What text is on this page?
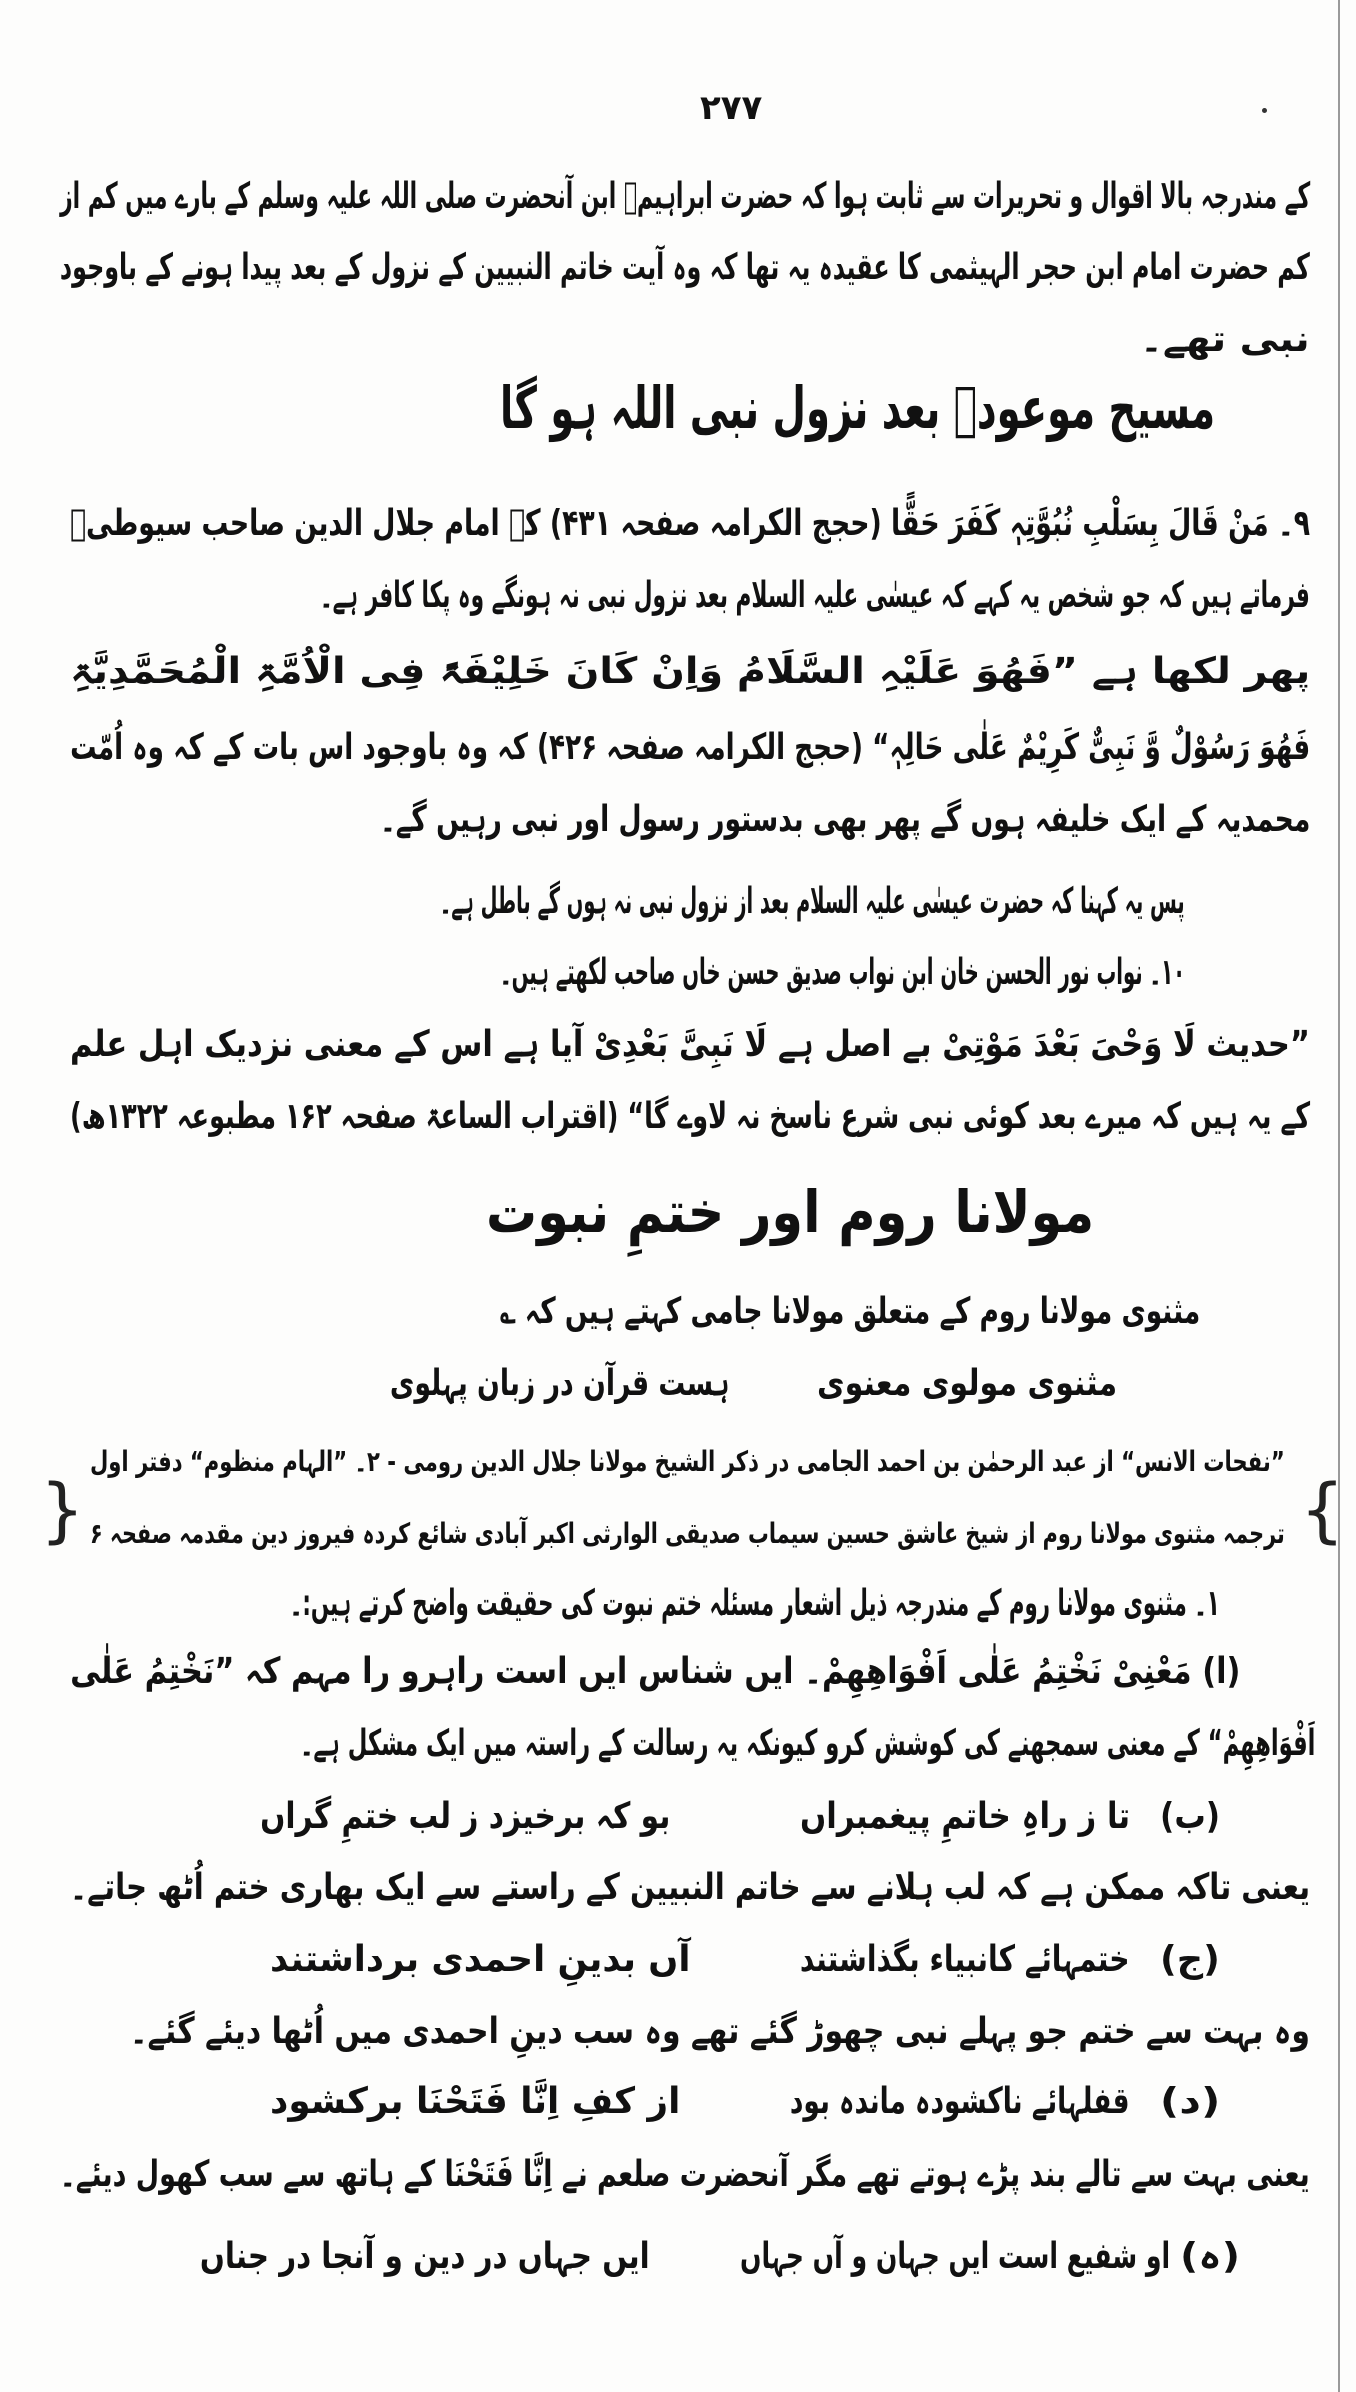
۲۷۷
کے مندرجہ بالا اقوال و تحریرات سے ثابت ہوا کہ حضرت ابراہیمؑ ابن آنحضرت صلی اللہ علیہ وسلم کے بارے میں کم از
کم حضرت امام ابن حجر الہیثمی کا عقیدہ یہ تھا کہ وہ آیت خاتم النبیین کے نزول کے بعد پیدا ہونے کے باوجود
نبی تھے۔
مسیح موعودؑ بعد نزول نبی اللہ ہو گا
۹۔ مَنْ قَالَ بِسَلْبِ نُبُوَّتِہٖ کَفَرَ حَقًّا (حجج الکرامہ صفحہ ۴۳۱) کہ امام جلال الدین صاحب سیوطیؒ
فرماتے ہیں کہ جو شخص یہ کہے کہ عیسٰی علیہ السلام بعد نزول نبی نہ ہونگے وہ پکا کافر ہے۔
پھر لکھا ہے ”فَھُوَ عَلَیْہِ السَّلَامُ وَاِنْ کَانَ خَلِیْفَۃً فِی الْاُمَّۃِ الْمُحَمَّدِیَّۃِ
فَھُوَ رَسُوْلٌ وَّ نَبِیٌّ کَرِیْمٌ عَلٰی حَالِہٖ“ (حجج الکرامہ صفحہ ۴۲۶) کہ وہ باوجود اس بات کے کہ وہ اُمّت
محمدیہ کے ایک خلیفہ ہوں گے پھر بھی بدستور رسول اور نبی رہیں گے۔
پس یہ کہنا کہ حضرت عیسٰی علیہ السلام بعد از نزول نبی نہ ہوں گے باطل ہے۔
۱۰۔ نواب نور الحسن خان ابن نواب صدیق حسن خاں صاحب لکھتے ہیں۔
”حدیث لَا وَحْیَ بَعْدَ مَوْتِیْ بے اصل ہے لَا نَبِیَّ بَعْدِیْ آیا ہے اس کے معنی نزدیک اہل علم
کے یہ ہیں کہ میرے بعد کوئی نبی شرع ناسخ نہ لاوے گا“ (اقتراب الساعۃ صفحہ ۱۶۲ مطبوعہ ۱۳۲۲ھ)
مولانا روم اور ختمِ نبوت
مثنوی مولانا روم کے متعلق مولانا جامی کہتے ہیں کہ ؎
مثنوی مولوی معنوی
ہست قرآن در زبان پہلوی
{
}
”نفحات الانس“ از عبد الرحمٰن بن احمد الجامی در ذکر الشیخ مولانا جلال الدین رومی - ۲۔ ”الہام منظوم“ دفتر اول
ترجمہ مثنوی مولانا روم از شیخ عاشق حسین سیماب صدیقی الوارثی اکبر آبادی شائع کردہ فیروز دین مقدمہ صفحہ ۶
۱۔ مثنوی مولانا روم کے مندرجہ ذیل اشعار مسئلہ ختم نبوت کی حقیقت واضح کرتے ہیں:۔
(ا) مَعْنِیْ نَخْتِمُ عَلٰی اَفْوَاھِھِمْ۔ ایں شناس ایں است راہرو را مہم کہ ”نَخْتِمُ عَلٰی
اَفْوَاھِھِمْ“ کے معنی سمجھنے کی کوشش کرو کیونکہ یہ رسالت کے راستہ میں ایک مشکل ہے۔
(ب)
تا ز راہِ خاتمِ پیغمبراں
بو کہ برخیزد ز لب ختمِ گراں
یعنی تاکہ ممکن ہے کہ لب ہلانے سے خاتم النبیین کے راستے سے ایک بھاری ختم اُٹھ جاتے۔
(ج)
ختمہائے کانبیاء بگذاشتند
آں بدینِ احمدی برداشتند
وہ بہت سے ختم جو پہلے نبی چھوڑ گئے تھے وہ سب دینِ احمدی میں اُٹھا دیئے گئے۔
(د)
قفلہائے ناکشودہ ماندہ بود
از کفِ اِنَّا فَتَحْنَا برکشود
یعنی بہت سے تالے بند پڑے ہوتے تھے مگر آنحضرت صلعم نے اِنَّا فَتَحْنَا کے ہاتھ سے سب کھول دیئے۔
(ہ)
او شفیع است ایں جہان و آں جہاں
ایں جہاں در دین و آنجا در جناں
